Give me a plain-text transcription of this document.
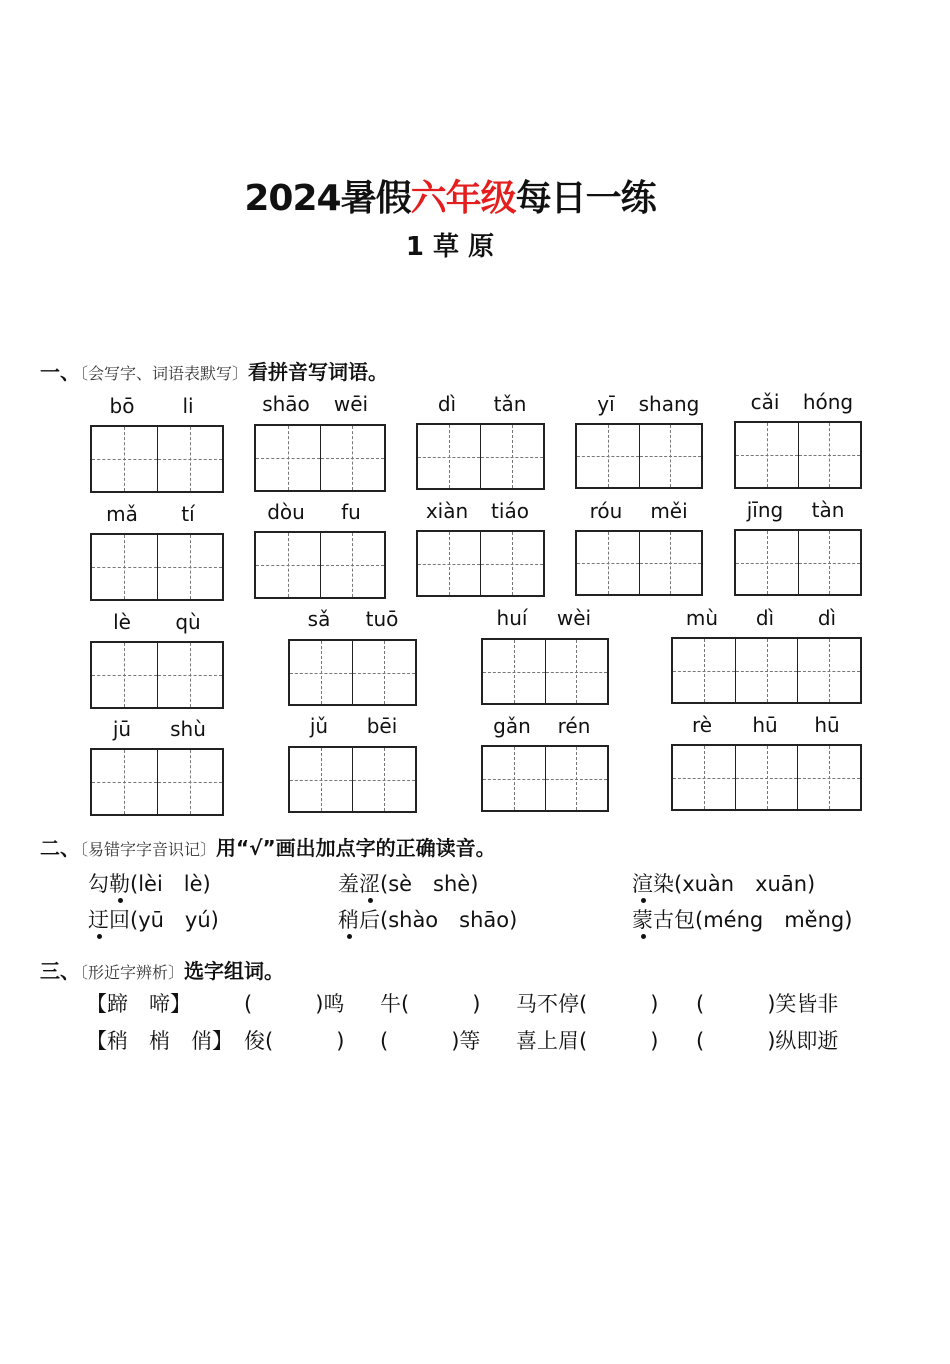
2024暑假六年级每日一练
1 草 原
一、〔会写字、词语表默写〕看拼音写词语。
bō	li	shāo	wēi	dì	tǎn	yī	shang	cǎi	hóng
mǎ	tí	dòu	fu	xiàn	tiáo	róu	měi	jīng	tàn
lè	qù	sǎ	tuō	huí	wèi	mù	dì	dì
jū	shù	jǔ	bēi	gǎn	rén	rè	hū	hū
二、〔易错字字音识记〕用“√”画出加点字的正确读音。
勾勒(lèi　lè)	羞涩(sè　shè)	渲染(xuàn　xuān)
迂回(yū　yú)	稍后(shào　shāo)	蒙古包(méng　měng)
三、〔形近字辨析〕选字组词。
【蹄　啼】	(　　　)鸣 牛(　　　) 马不停(　　　) (　　　)笑皆非
【稍　梢　俏】 俊(　　　) (　　　)等 喜上眉(　　　) (　　　)纵即逝
